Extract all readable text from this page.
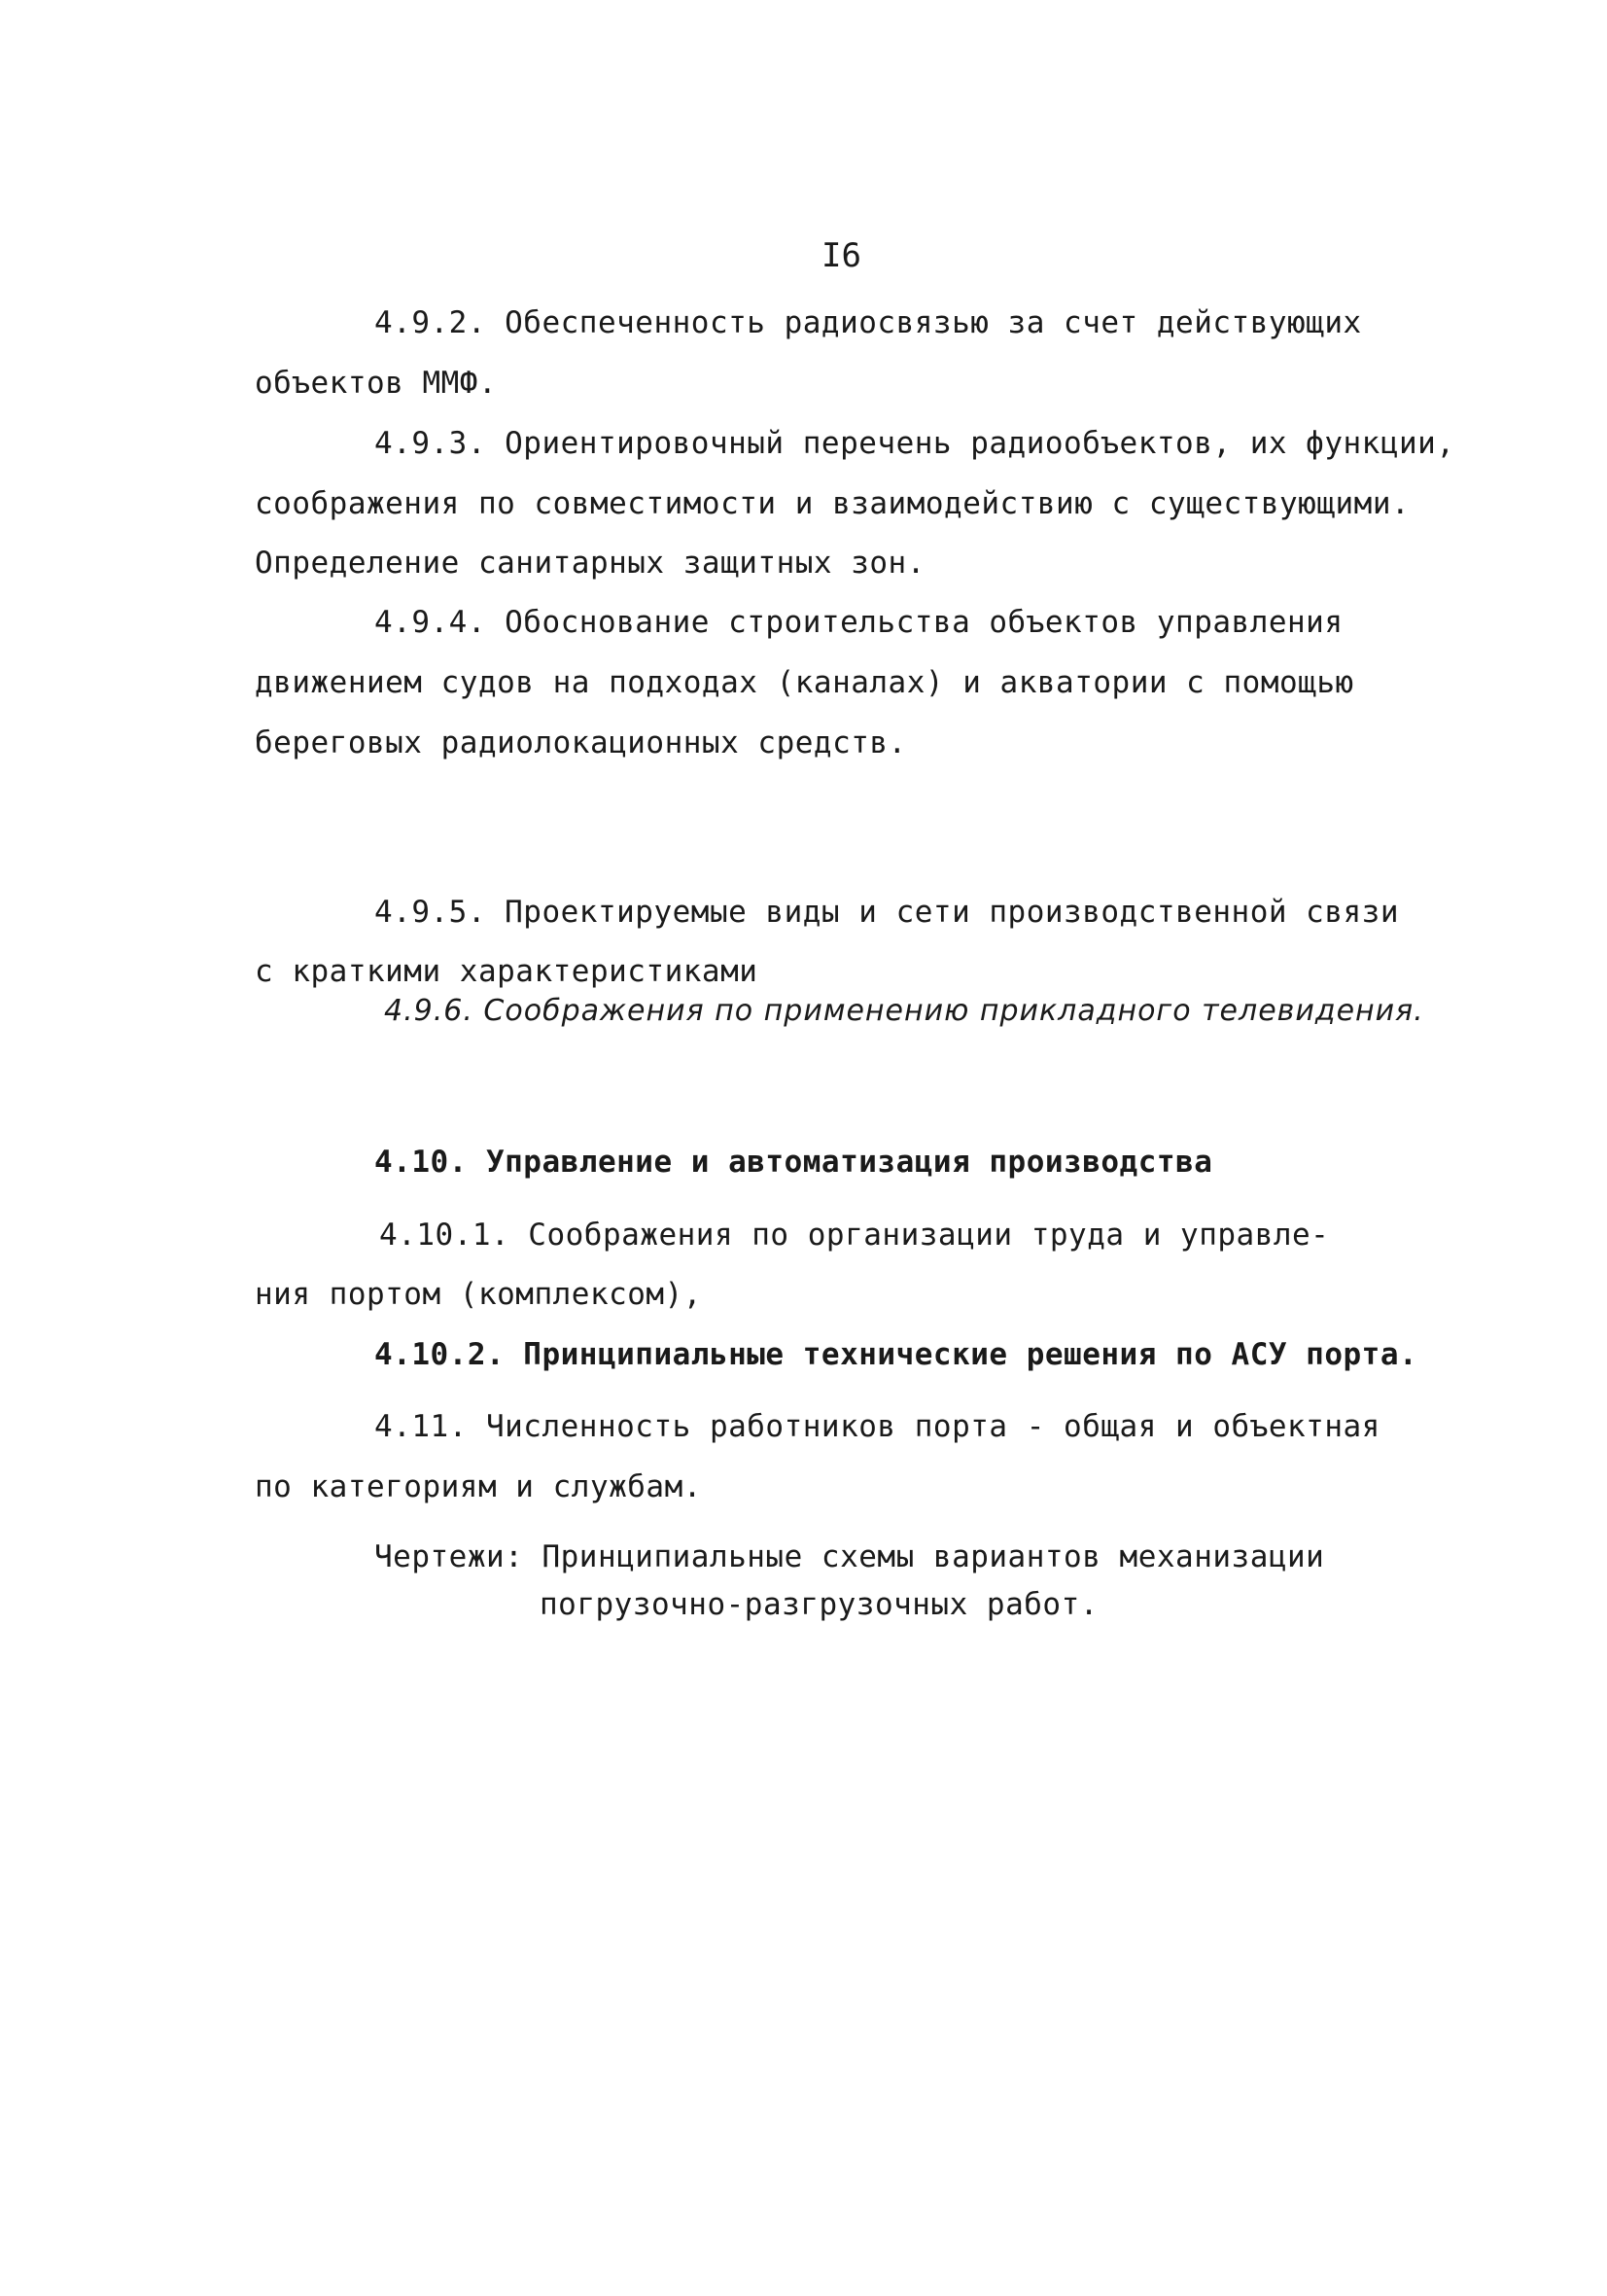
I6
4.9.2. Обеспеченность радиосвязью за счет действующих
объектов ММФ.
4.9.3. Ориентировочный перечень радиообъектов, их функции,
соображения по совместимости и взаимодействию с существующими.
Определение санитарных защитных зон.
4.9.4. Обоснование строительства объектов управления
движением судов на подходах (каналах) и акватории с помощью
береговых радиолокационных средств.
4.9.5. Проектируемые виды и сети производственной связи
с краткими характеристиками
4.9.6. Соображения по применению прикладного телевидения.
4.10. Управление и автоматизация производства
4.10.1. Соображения по организации труда и управле-
ния портом (комплексом),
4.10.2. Принципиальные технические решения по АСУ порта.
4.11. Численность работников порта - общая и объектная
по категориям и службам.
Чертежи: Принципиальные схемы вариантов механизации
погрузочно-разгрузочных работ.
